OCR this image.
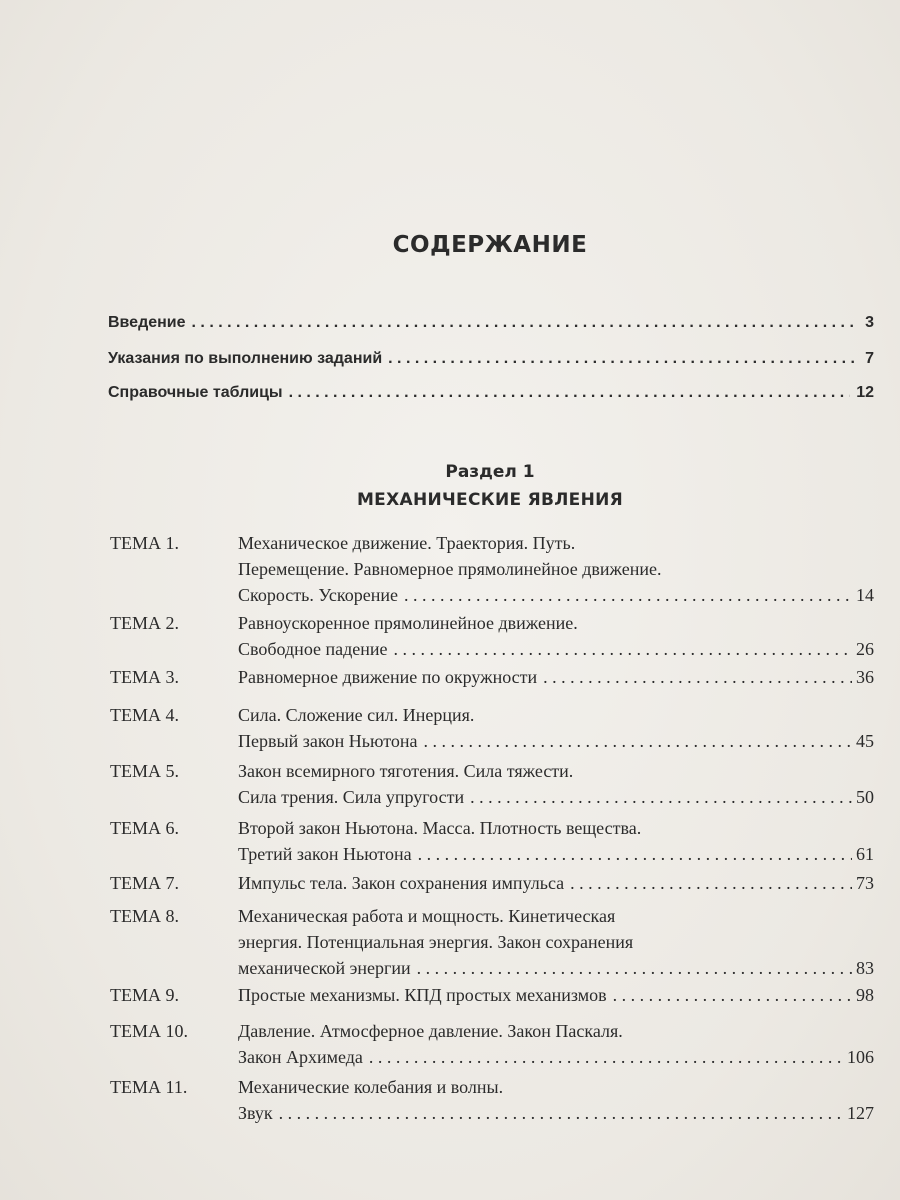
СОДЕРЖАНИЕ
Введение . . .	3
Указания по выполнению заданий . . .	7
Справочные таблицы . . .	12
Раздел 1
МЕХАНИЧЕСКИЕ ЯВЛЕНИЯ
ТЕМА 1.	Механическое движение. Траектория. Путь.
Перемещение. Равномерное прямолинейное движение.
Скорость. Ускорение . . .	14
ТЕМА 2.	Равноускоренное прямолинейное движение.
Свободное падение . . .	26
ТЕМА 3.	Равномерное движение по окружности . . .	36
ТЕМА 4.	Сила. Сложение сил. Инерция.
Первый закон Ньютона . . .	45
ТЕМА 5.	Закон всемирного тяготения. Сила тяжести.
Сила трения. Сила упругости . . .	50
ТЕМА 6.	Второй закон Ньютона. Масса. Плотность вещества.
Третий закон Ньютона . . .	61
ТЕМА 7.	Импульс тела. Закон сохранения импульса . . .	73
ТЕМА 8.	Механическая работа и мощность. Кинетическая
энергия. Потенциальная энергия. Закон сохранения
механической энергии . . .	83
ТЕМА 9.	Простые механизмы. КПД простых механизмов . . .	98
ТЕМА 10.	Давление. Атмосферное давление. Закон Паскаля.
Закон Архимеда . . .	106
ТЕМА 11.	Механические колебания и волны.
Звук . . .	127
